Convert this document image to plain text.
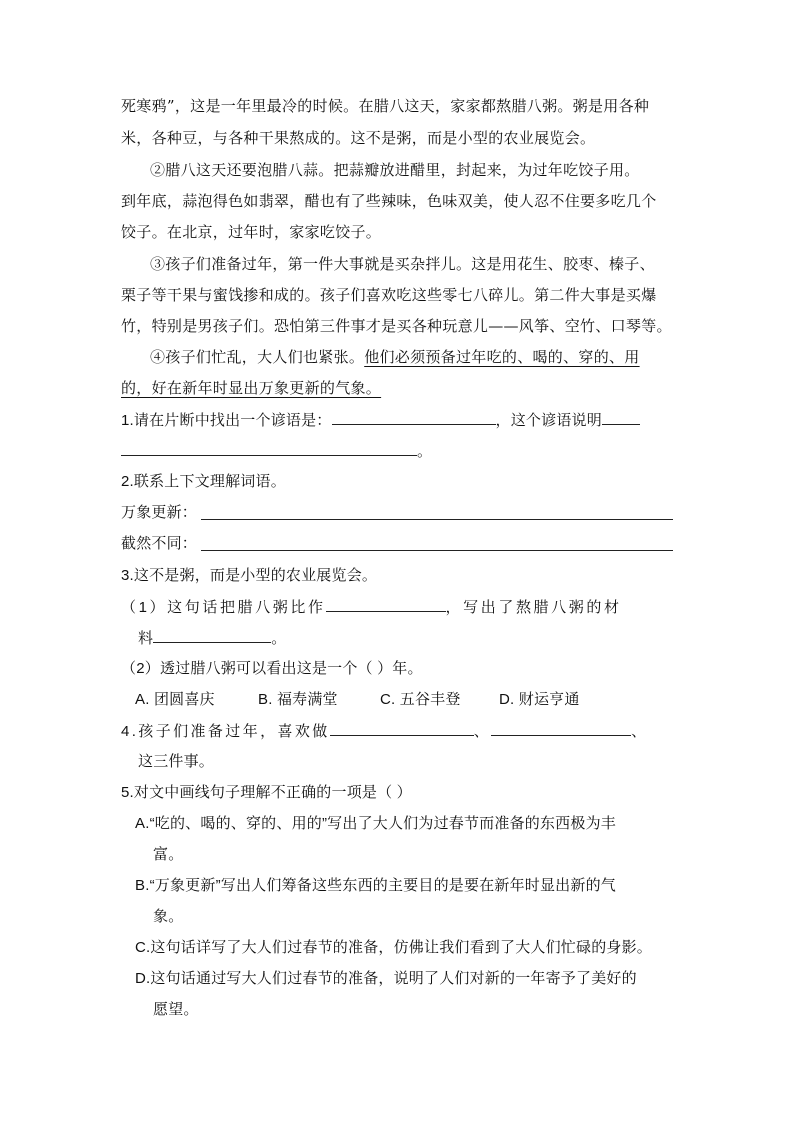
死寒鸦”，这是一年里最冷的时候。在腊八这天，家家都熬腊八粥。粥是用各种
米，各种豆，与各种干果熬成的。这不是粥，而是小型的农业展览会。
②腊八这天还要泡腊八蒜。把蒜瓣放进醋里，封起来，为过年吃饺子用。
到年底，蒜泡得色如翡翠，醋也有了些辣味，色味双美，使人忍不住要多吃几个
饺子。在北京，过年时，家家吃饺子。
③孩子们准备过年，第一件大事就是买杂拌儿。这是用花生、胶枣、榛子、
栗子等干果与蜜饯掺和成的。孩子们喜欢吃这些零七八碎儿。第二件大事是买爆
竹，特别是男孩子们。恐怕第三件事才是买各种玩意儿——风筝、空竹、口琴等。
④孩子们忙乱，大人们也紧张。他们必须预备过年吃的、喝的、穿的、用
的，好在新年时显出万象更新的气象。
1.请在片断中找出一个谚语是：	，这个谚语说明
。
2.联系上下文理解词语。
万象更新：
截然不同：
3.这不是粥，而是小型的农业展览会。
（1）这句话把腊八粥比作	，写出了熬腊八粥的材
料	。
（2）透过腊八粥可以看出这是一个（ ）年。
A. 团圆喜庆	B. 福寿满堂	C. 五谷丰登	D. 财运亨通
4.孩子们准备过年，喜欢做	、	、
这三件事。
5.对文中画线句子理解不正确的一项是（ ）
A.“吃的、喝的、穿的、用的”写出了大人们为过春节而准备的东西极为丰
富。
B.“万象更新”写出人们筹备这些东西的主要目的是要在新年时显出新的气
象。
C.这句话详写了大人们过春节的准备，仿佛让我们看到了大人们忙碌的身影。
D.这句话通过写大人们过春节的准备，说明了人们对新的一年寄予了美好的
愿望。
